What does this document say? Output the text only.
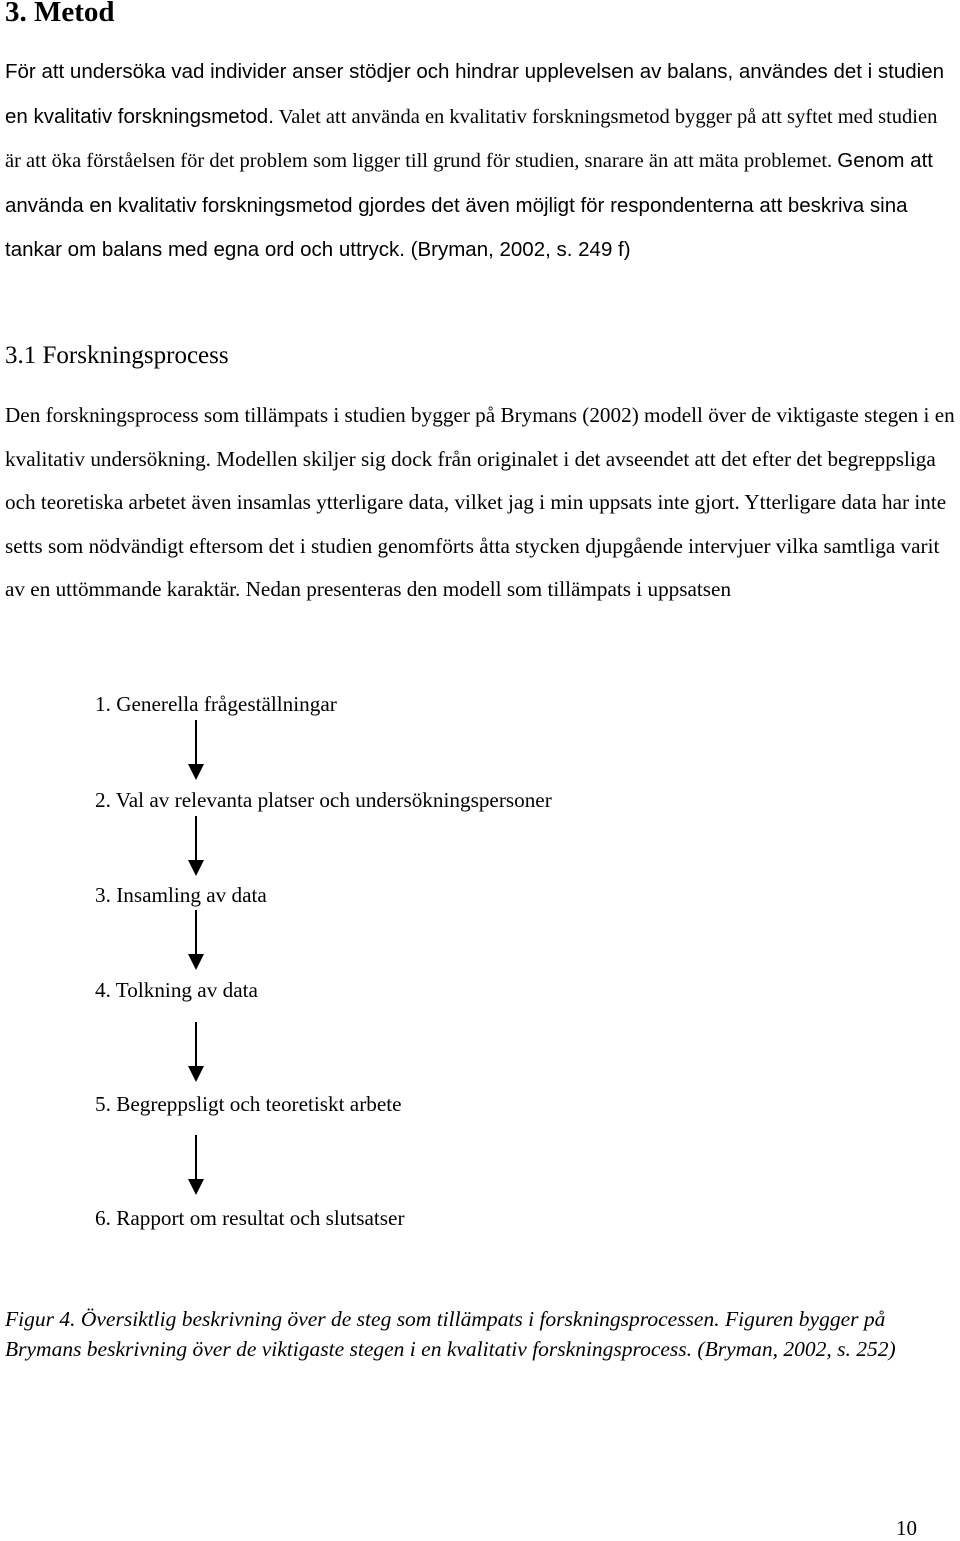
3. Metod

För att undersöka vad individer anser stödjer och hindrar upplevelsen av balans, användes det i studien en kvalitativ forskningsmetod. Valet att använda en kvalitativ forskningsmetod bygger på att syftet med studien är att öka förståelsen för det problem som ligger till grund för studien, snarare än att mäta problemet. Genom att använda en kvalitativ forskningsmetod gjordes det även möjligt för respondenterna att beskriva sina tankar om balans med egna ord och uttryck. (Bryman, 2002, s. 249 f)

3.1 Forskningsprocess

Den forskningsprocess som tillämpats i studien bygger på Brymans (2002) modell över de viktigaste stegen i en kvalitativ undersökning. Modellen skiljer sig dock från originalet i det avseendet att det efter det begreppsliga och teoretiska arbetet även insamlas ytterligare data, vilket jag i min uppsats inte gjort. Ytterligare data har inte setts som nödvändigt eftersom det i studien genomförts åtta stycken djupgående intervjuer vilka samtliga varit av en uttömmande karaktär. Nedan presenteras den modell som tillämpats i uppsatsen

1. Generella frågeställningar
2. Val av relevanta platser och undersökningspersoner
3. Insamling av data
4. Tolkning av data
5. Begreppsligt och teoretiskt arbete
6. Rapport om resultat och slutsatser

Figur 4. Översiktlig beskrivning över de steg som tillämpats i forskningsprocessen. Figuren bygger på Brymans beskrivning över de viktigaste stegen i en kvalitativ forskningsprocess. (Bryman, 2002, s. 252)

10
